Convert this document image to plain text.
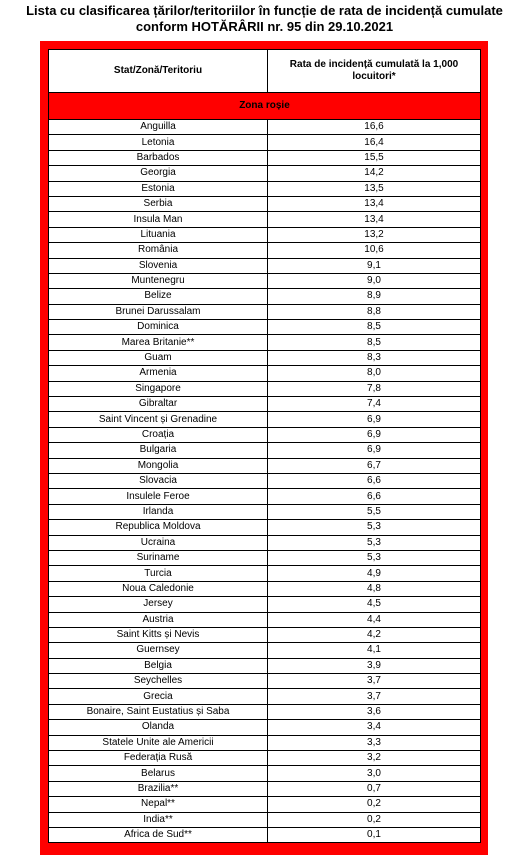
Lista cu clasificarea țărilor/teritoriilor în funcție de rata de incidență cumulate
conform HOTĂRÂRII nr. 95 din 29.10.2021
Stat/Zonă/Teritoriu	Rata de incidență cumulată la 1,000 locuitori*
Zona roșie	
Anguilla	16,6
Letonia	16,4
Barbados	15,5
Georgia	14,2
Estonia	13,5
Serbia	13,4
Insula Man	13,4
Lituania	13,2
România	10,6
Slovenia	9,1
Muntenegru	9,0
Belize	8,9
Brunei Darussalam	8,8
Dominica	8,5
Marea Britanie**	8,5
Guam	8,3
Armenia	8,0
Singapore	7,8
Gibraltar	7,4
Saint Vincent și Grenadine	6,9
Croația	6,9
Bulgaria	6,9
Mongolia	6,7
Slovacia	6,6
Insulele Feroe	6,6
Irlanda	5,5
Republica Moldova	5,3
Ucraina	5,3
Suriname	5,3
Turcia	4,9
Noua Caledonie	4,8
Jersey	4,5
Austria	4,4
Saint Kitts și Nevis	4,2
Guernsey	4,1
Belgia	3,9
Seychelles	3,7
Grecia	3,7
Bonaire, Saint Eustatius și Saba	3,6
Olanda	3,4
Statele Unite ale Americii	3,3
Federația Rusă	3,2
Belarus	3,0
Brazilia**	0,7
Nepal**	0,2
India**	0,2
Africa de Sud**	0,1
